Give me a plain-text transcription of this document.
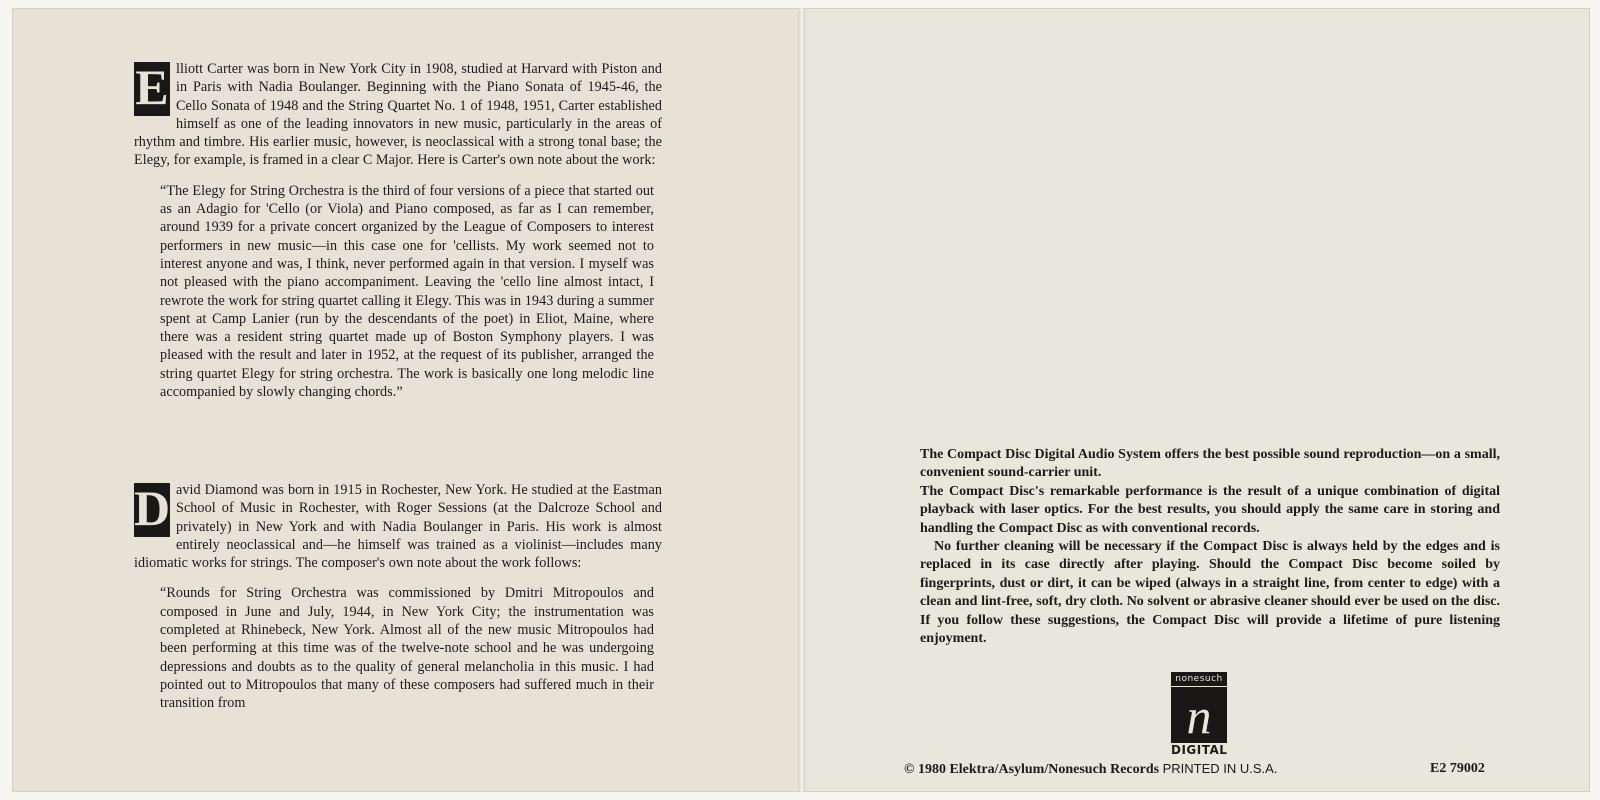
E lliott Carter was born in New York City in 1908, studied at Harvard with Piston and in Paris with Nadia Boulanger. Beginning with the Piano Sonata of 1945-46, the Cello Sonata of 1948 and the String Quartet No. 1 of 1948, 1951, Carter established himself as one of the leading innovators in new music, particularly in the areas of rhythm and timbre. His earlier music, however, is neoclassical with a strong tonal base; the Elegy, for example, is framed in a clear C Major. Here is Carter's own note about the work:

“The Elegy for String Orchestra is the third of four versions of a piece that started out as an Adagio for 'Cello (or Viola) and Piano composed, as far as I can remember, around 1939 for a private concert organized by the League of Composers to interest performers in new music—in this case one for 'cellists. My work seemed not to interest anyone and was, I think, never performed again in that version. I myself was not pleased with the piano accompaniment. Leaving the 'cello line almost intact, I rewrote the work for string quartet calling it Elegy. This was in 1943 during a summer spent at Camp Lanier (run by the descendants of the poet) in Eliot, Maine, where there was a resident string quartet made up of Boston Symphony players. I was pleased with the result and later in 1952, at the request of its publisher, arranged the string quartet Elegy for string orchestra. The work is basically one long melodic line accompanied by slowly changing chords.”

D avid Diamond was born in 1915 in Rochester, New York. He studied at the Eastman School of Music in Rochester, with Roger Sessions (at the Dalcroze School and privately) in New York and with Nadia Boulanger in Paris. His work is almost entirely neoclassical and—he himself was trained as a violinist—includes many idiomatic works for strings. The composer's own note about the work follows:

“Rounds for String Orchestra was commissioned by Dmitri Mitropoulos and composed in June and July, 1944, in New York City; the instrumentation was completed at Rhinebeck, New York. Almost all of the new music Mitropoulos had been performing at this time was of the twelve-note school and he was undergoing depressions and doubts as to the quality of general melancholia in this music. I had pointed out to Mitropoulos that many of these composers had suffered much in their transition from

The Compact Disc Digital Audio System offers the best possible sound reproduction—on a small, convenient sound-carrier unit.

The Compact Disc's remarkable performance is the result of a unique combination of digital playback with laser optics. For the best results, you should apply the same care in storing and handling the Compact Disc as with conventional records.

No further cleaning will be necessary if the Compact Disc is always held by the edges and is replaced in its case directly after playing. Should the Compact Disc become soiled by fingerprints, dust or dirt, it can be wiped (always in a straight line, from center to edge) with a clean and lint-free, soft, dry cloth. No solvent or abrasive cleaner should ever be used on the disc. If you follow these suggestions, the Compact Disc will provide a lifetime of pure listening enjoyment.

nonesuch
n
DIGITAL
© 1980 Elektra/Asylum/Nonesuch Records PRINTED IN U.S.A.	E2 79002
